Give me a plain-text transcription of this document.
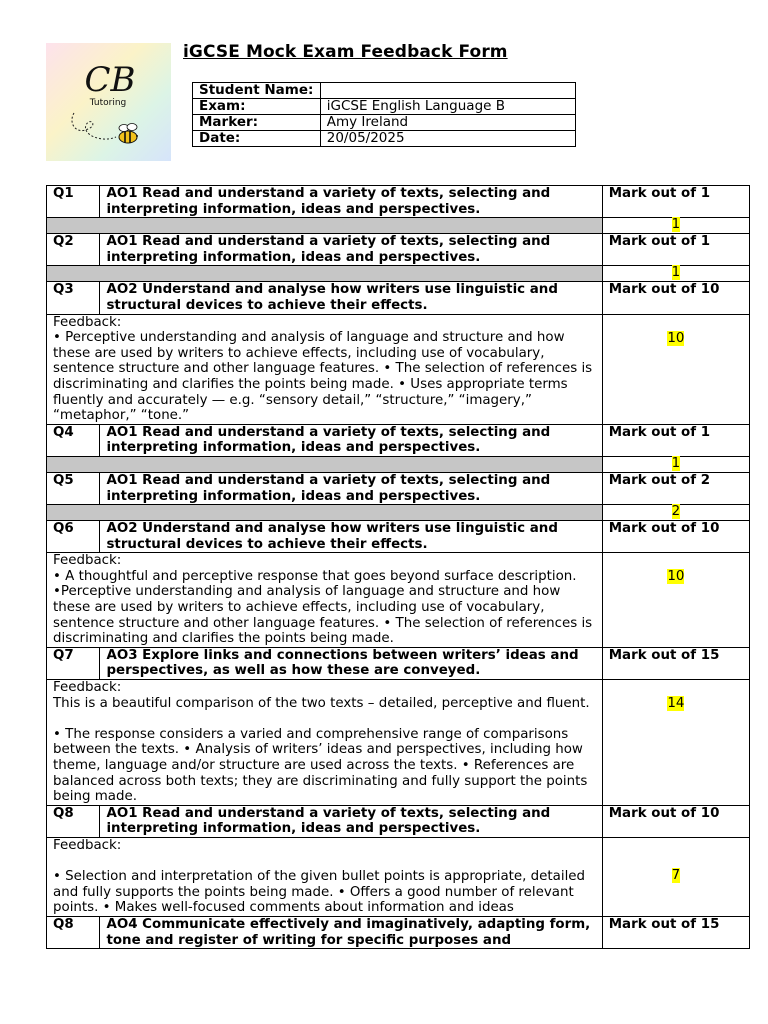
CB
Tutoring
iGCSE Mock Exam Feedback Form
Student Name:	
Exam:	iGCSE English Language B
Marker:	Amy Ireland
Date:	20/05/2025
Q1	AO1 Read and understand a variety of texts, selecting and interpreting information, ideas and perspectives.	Mark out of 1
		1
Q2	AO1 Read and understand a variety of texts, selecting and interpreting information, ideas and perspectives.	Mark out of 1
		1
Q3	AO2 Understand and analyse how writers use linguistic and structural devices to achieve their effects.	Mark out of 10

Feedback:

• Perceptive understanding and analysis of language and structure and how these are used by writers to achieve effects, including use of vocabulary, sentence structure and other language features. • The selection of references is discriminating and clarifies the points being made. • Uses appropriate terms fluently and accurately — e.g. “sensory detail,” “structure,” “imagery,” “metaphor,” “tone.”		10
Q4	AO1 Read and understand a variety of texts, selecting and interpreting information, ideas and perspectives.	Mark out of 1
		1
Q5	AO1 Read and understand a variety of texts, selecting and interpreting information, ideas and perspectives.	Mark out of 2
		2
Q6	AO2 Understand and analyse how writers use linguistic and structural devices to achieve their effects.	Mark out of 10

Feedback:

• A thoughtful and perceptive response that goes beyond surface description. •Perceptive understanding and analysis of language and structure and how these are used by writers to achieve effects, including use of vocabulary, sentence structure and other language features. • The selection of references is discriminating and clarifies the points being made.		10
Q7	AO3 Explore links and connections between writers’ ideas and perspectives, as well as how these are conveyed.	Mark out of 15

Feedback:

This is a beautiful comparison of the two texts – detailed, perceptive and fluent.

• The response considers a varied and comprehensive range of comparisons between the texts. • Analysis of writers’ ideas and perspectives, including how theme, language and/or structure are used across the texts. • References are balanced across both texts; they are discriminating and fully support the points being made.		14
Q8	AO1 Read and understand a variety of texts, selecting and interpreting information, ideas and perspectives.	Mark out of 10

Feedback:

• Selection and interpretation of the given bullet points is appropriate, detailed and fully supports the points being made. • Offers a good number of relevant points. • Makes well-focused comments about information and ideas		7
Q8	AO4 Communicate effectively and imaginatively, adapting form, tone and register of writing for specific purposes and	Mark out of 15
